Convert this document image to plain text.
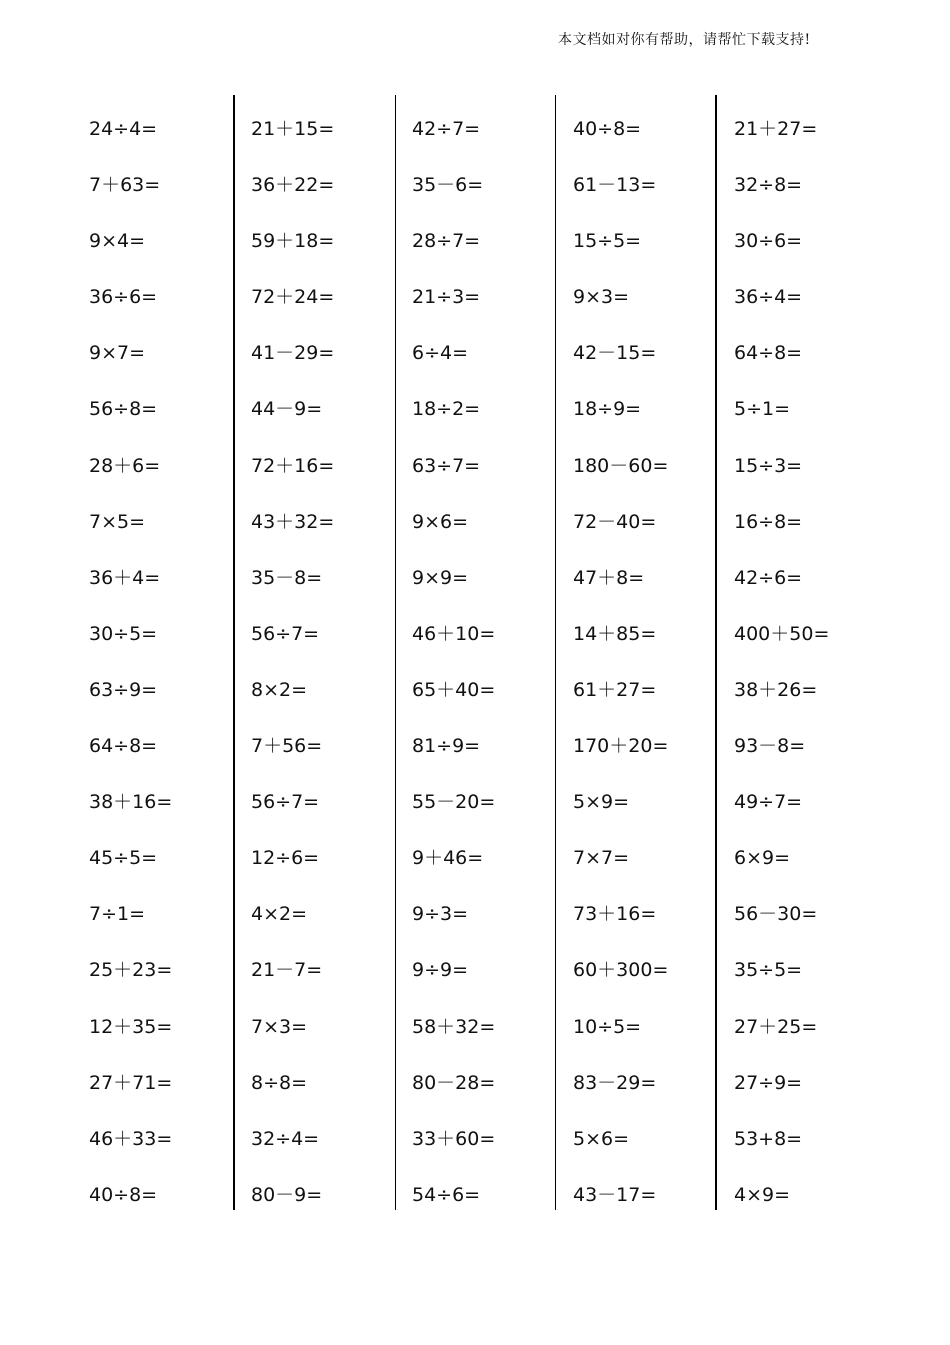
本文档如对你有帮助，请帮忙下载支持!
24÷4=
7＋63=
9×4=
36÷6=
9×7=
56÷8=
28＋6=
7×5=
36＋4=
30÷5=
63÷9=
64÷8=
38＋16=
45÷5=
7÷1=
25＋23=
12＋35=
27＋71=
46＋33=
40÷8=
21＋15=
36＋22=
59＋18=
72＋24=
41－29=
44－9=
72＋16=
43＋32=
35－8=
56÷7=
8×2=
7＋56=
56÷7=
12÷6=
4×2=
21－7=
7×3=
8÷8=
32÷4=
80－9=
42÷7=
35－6=
28÷7=
21÷3=
6÷4=
18÷2=
63÷7=
9×6=
9×9=
46＋10=
65＋40=
81÷9=
55－20=
9＋46=
9÷3=
9÷9=
58＋32=
80－28=
33＋60=
54÷6=
40÷8=
61－13=
15÷5=
9×3=
42－15=
18÷9=
180－60=
72－40=
47＋8=
14＋85=
61＋27=
170＋20=
5×9=
7×7=
73＋16=
60＋300=
10÷5=
83－29=
5×6=
43－17=
21＋27=
32÷8=
30÷6=
36÷4=
64÷8=
5÷1=
15÷3=
16÷8=
42÷6=
400＋50=
38＋26=
93－8=
49÷7=
6×9=
56－30=
35÷5=
27＋25=
27÷9=
53+8=
4×9=
